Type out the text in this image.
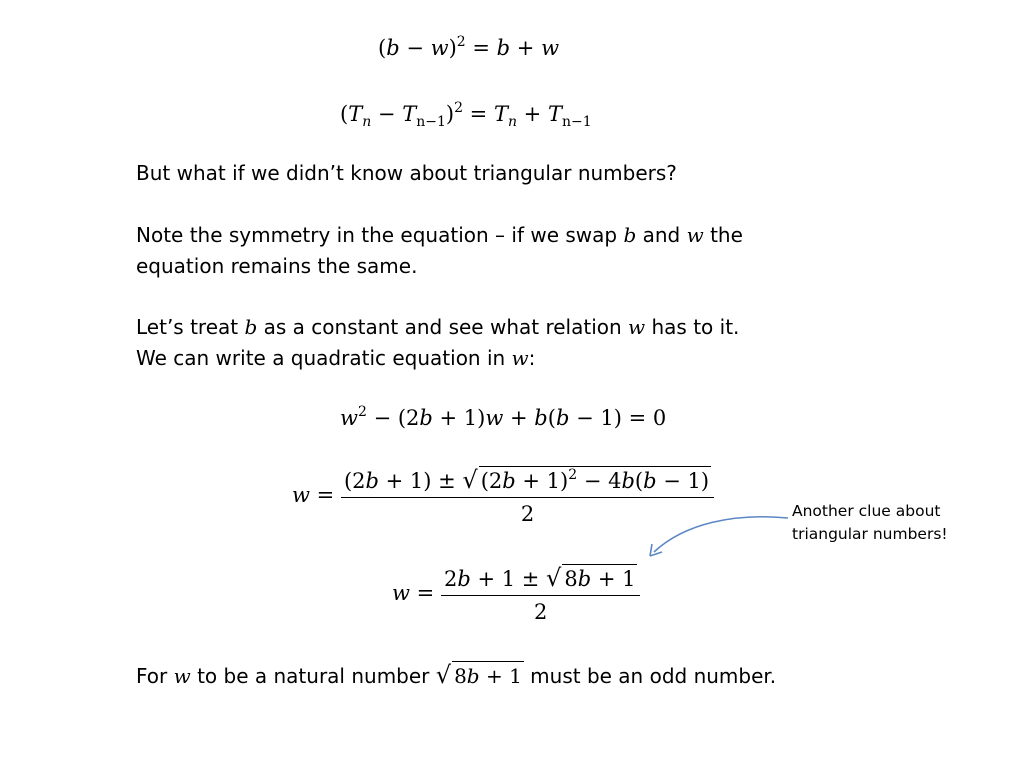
$(b - w)^2 = b + w$
$(T_n - T_{n-1})^2 = T_n + T_{n-1}$
But what if we didn’t know about triangular numbers?
Note the symmetry in the equation – if we swap b and w the
equation remains the same.
Let’s treat b as a constant and see what relation w has to it.
We can write a quadratic equation in w:
$w^2 - (2b + 1)w + b(b - 1) = 0$
$w = \frac{(2b + 1) \pm √ (2b + 1)^2 - 4b(b - 1)}{2}$
$w = \frac{2b + 1 \pm √ 8b + 1}{2}$
Another clue about
triangular numbers!
For w to be a natural number √ 8b + 1 must be an odd number.
